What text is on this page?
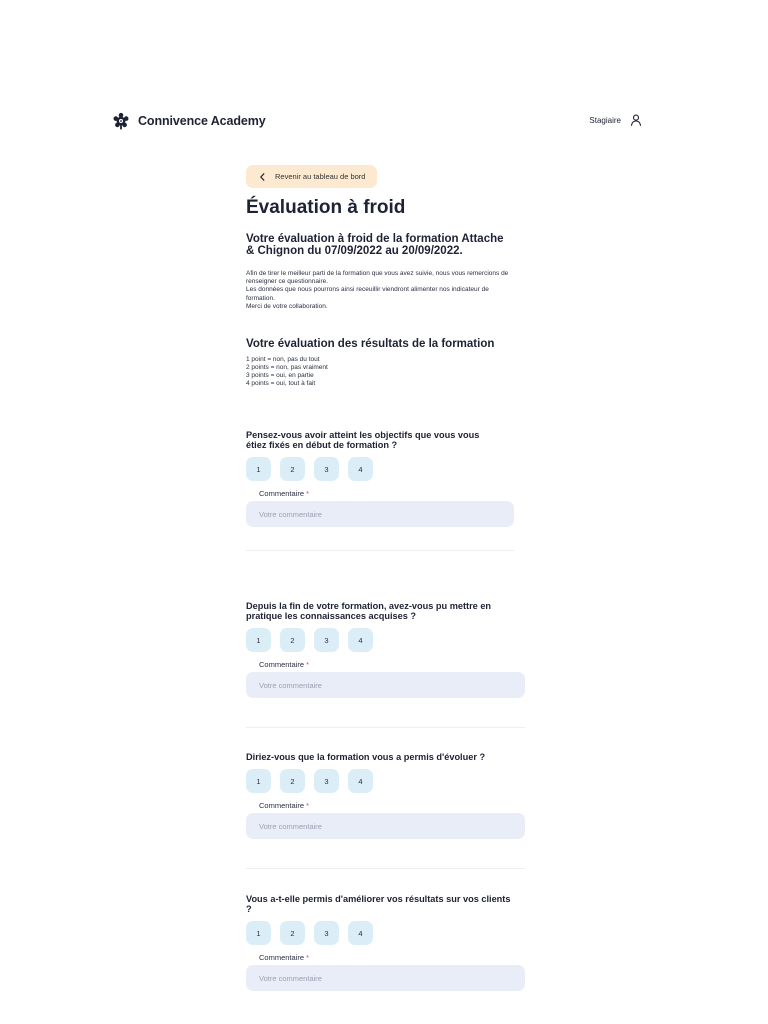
Connivence Academy	Stagiaire
Revenir au tableau de bord
Évaluation à froid
Votre évaluation à froid de la formation Attache & Chignon du 07/09/2022 au 20/09/2022.

Afin de tirer le meilleur parti de la formation que vous avez suivie, nous vous remercions de renseigner ce questionnaire.
Les données que nous pourrons ainsi receuillir viendront alimenter nos indicateur de formation.
Merci de votre collaboration.

Votre évaluation des résultats de la formation

1 point = non, pas du tout
2 points = non, pas vraiment
3 points = oui, en partie
4 points = oui, tout à fait

Pensez-vous avoir atteint les objectifs que vous vous étiez fixés en début de formation ?
1	2	3	4
Commentaire *
Votre commentaire
Depuis la fin de votre formation, avez-vous pu mettre en pratique les connaissances acquises ?
1	2	3	4
Commentaire *
Votre commentaire
Diriez-vous que la formation vous a permis d'évoluer ?
1	2	3	4
Commentaire *
Votre commentaire
Vous a-t-elle permis d'améliorer vos résultats sur vos clients ?
1	2	3	4
Commentaire *
Votre commentaire
